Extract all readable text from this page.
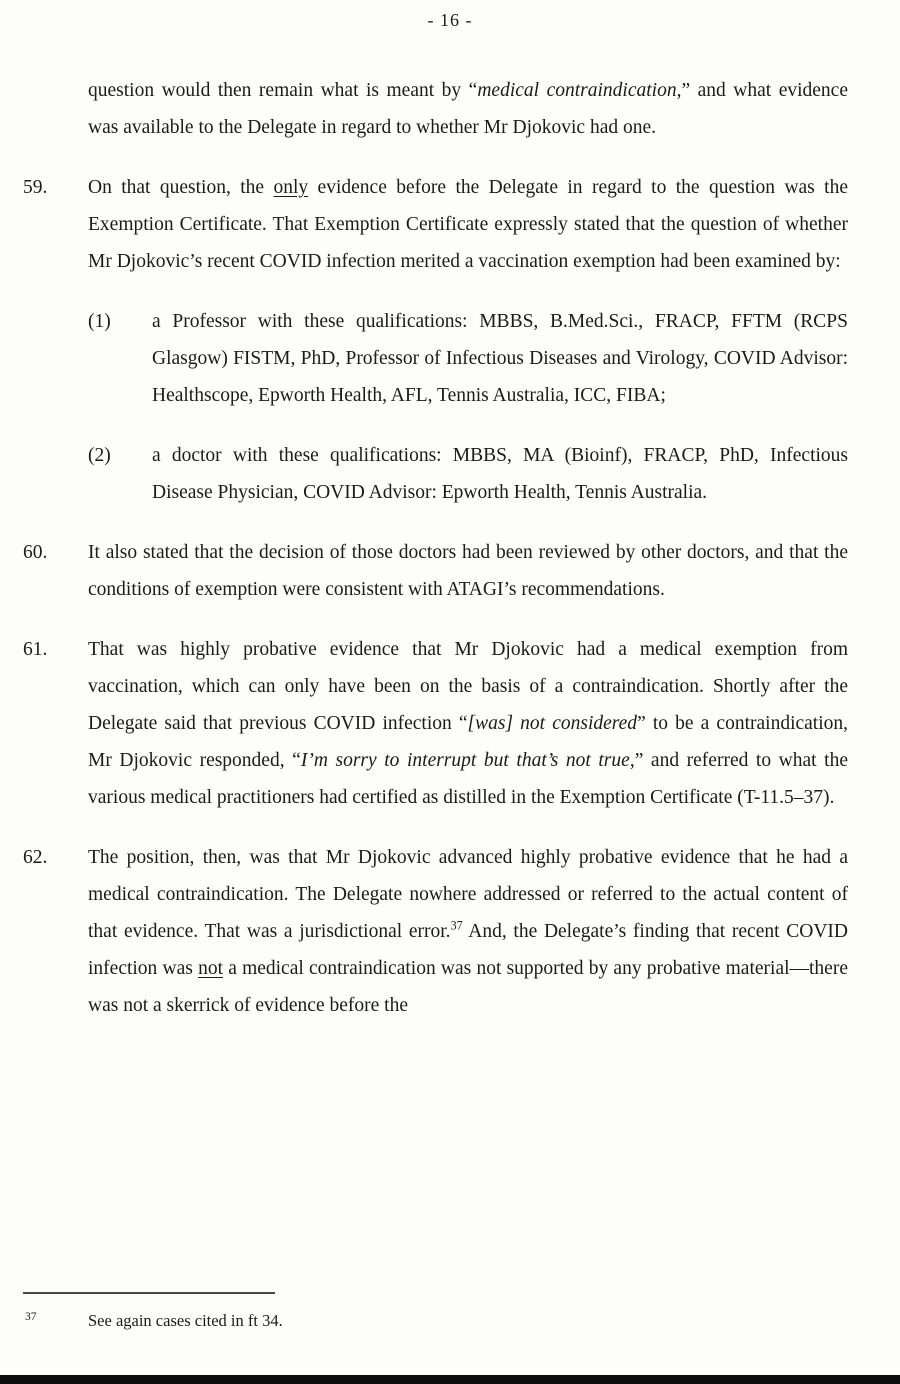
- 16 -
question would then remain what is meant by “medical contraindication,” and what evidence was available to the Delegate in regard to whether Mr Djokovic had one.
59. On that question, the only evidence before the Delegate in regard to the question was the Exemption Certificate. That Exemption Certificate expressly stated that the question of whether Mr Djokovic’s recent COVID infection merited a vaccination exemption had been examined by:
(1) a Professor with these qualifications: MBBS, B.Med.Sci., FRACP, FFTM (RCPS Glasgow) FISTM, PhD, Professor of Infectious Diseases and Virology, COVID Advisor: Healthscope, Epworth Health, AFL, Tennis Australia, ICC, FIBA;
(2) a doctor with these qualifications: MBBS, MA (Bioinf), FRACP, PhD, Infectious Disease Physician, COVID Advisor: Epworth Health, Tennis Australia.
60. It also stated that the decision of those doctors had been reviewed by other doctors, and that the conditions of exemption were consistent with ATAGI’s recommendations.
61. That was highly probative evidence that Mr Djokovic had a medical exemption from vaccination, which can only have been on the basis of a contraindication. Shortly after the Delegate said that previous COVID infection “[was] not considered” to be a contraindication, Mr Djokovic responded, “I’m sorry to interrupt but that’s not true,” and referred to what the various medical practitioners had certified as distilled in the Exemption Certificate (T-11.5–37).
62. The position, then, was that Mr Djokovic advanced highly probative evidence that he had a medical contraindication. The Delegate nowhere addressed or referred to the actual content of that evidence. That was a jurisdictional error.$^{37}$ And, the Delegate’s finding that recent COVID infection was not a medical contraindication was not supported by any probative material—there was not a skerrick of evidence before the
37	See again cases cited in ft 34.
